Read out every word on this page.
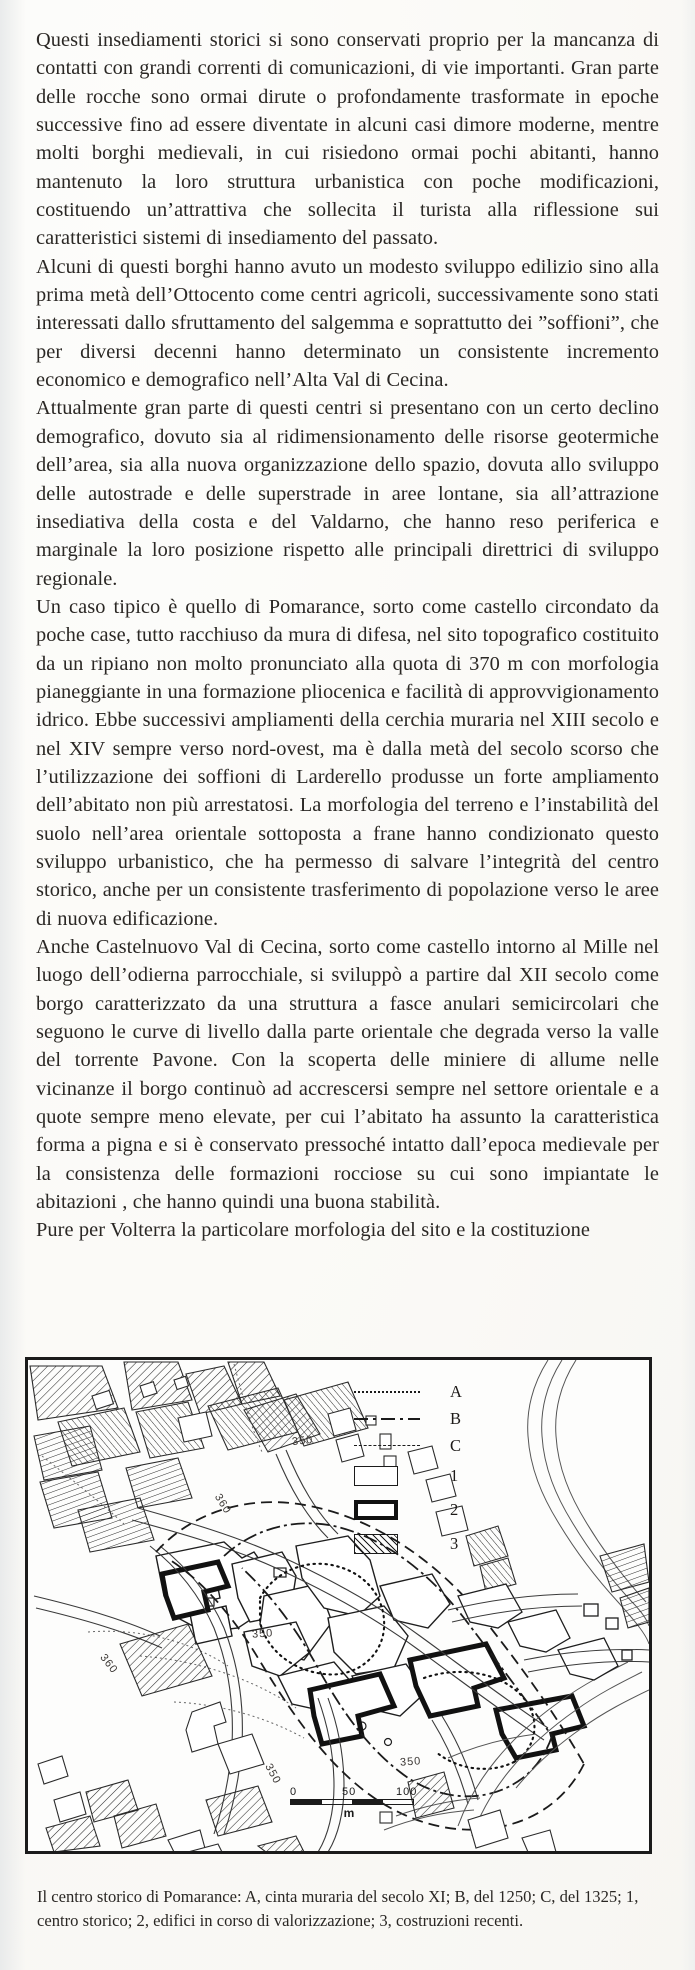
Questi insediamenti storici si sono conservati proprio per la mancanza di contatti con grandi correnti di comunicazioni, di vie importanti. Gran parte delle rocche sono ormai dirute o profondamente trasformate in epoche successive fino ad essere diventate in alcuni casi dimore moderne, mentre molti borghi medievali, in cui risiedono ormai pochi abitanti, hanno mantenuto la loro struttura urbanistica con poche modificazioni, costituendo un’attrattiva che sollecita il turista alla riflessione sui caratteristici sistemi di insediamento del passato.

Alcuni di questi borghi hanno avuto un modesto sviluppo edilizio sino alla prima metà dell’Ottocento come centri agricoli, successivamente sono stati interessati dallo sfruttamento del salgemma e soprattutto dei ”soffioni”, che per diversi decenni hanno determinato un consistente incremento economico e demografico nell’Alta Val di Cecina.

Attualmente gran parte di questi centri si presentano con un certo declino demografico, dovuto sia al ridimensionamento delle risorse geotermiche dell’area, sia alla nuova organizzazione dello spazio, dovuta allo sviluppo delle autostrade e delle superstrade in aree lontane, sia all’attrazione insediativa della costa e del Valdarno, che hanno reso periferica e marginale la loro posizione rispetto alle principali direttrici di sviluppo regionale.

Un caso tipico è quello di Pomarance, sorto come castello circondato da poche case, tutto racchiuso da mura di difesa, nel sito topografico costituito da un ripiano non molto pronunciato alla quota di 370 m con morfologia pianeggiante in una formazione pliocenica e facilità di approvvigionamento idrico. Ebbe successivi ampliamenti della cerchia muraria nel XIII secolo e nel XIV sempre verso nord-ovest, ma è dalla metà del secolo scorso che l’utilizzazione dei soffioni di Larderello produsse un forte ampliamento dell’abitato non più arrestatosi. La morfologia del terreno e l’instabilità del suolo nell’area orientale sottoposta a frane hanno condizionato questo sviluppo urbanistico, che ha permesso di salvare l’integrità del centro storico, anche per un consistente trasferimento di popolazione verso le aree di nuova edificazione.

Anche Castelnuovo Val di Cecina, sorto come castello intorno al Mille nel luogo dell’odierna parrocchiale, si sviluppò a partire dal XII secolo come borgo caratterizzato da una struttura a fasce anulari semicircolari che seguono le curve di livello dalla parte orientale che degrada verso la valle del torrente Pavone. Con la scoperta delle miniere di allume nelle vicinanze il borgo continuò ad accrescersi sempre nel settore orientale e a quote sempre meno elevate, per cui l’abitato ha assunto la caratteristica forma a pigna e si è conservato pressoché intatto dall’epoca medievale per la consistenza delle formazioni rocciose su cui sono impiantate le abitazioni , che hanno quindi una buona stabilità.

Pure per Volterra la particolare morfologia del sito e la costituzione

350
360
360
350
350
350
A
B
C
1
2
3
0	50	100
m
Il centro storico di Pomarance: A, cinta muraria del secolo XI; B, del 1250; C, del 1325; 1, centro storico; 2, edifici in corso di valorizzazione; 3, costruzioni recenti.
